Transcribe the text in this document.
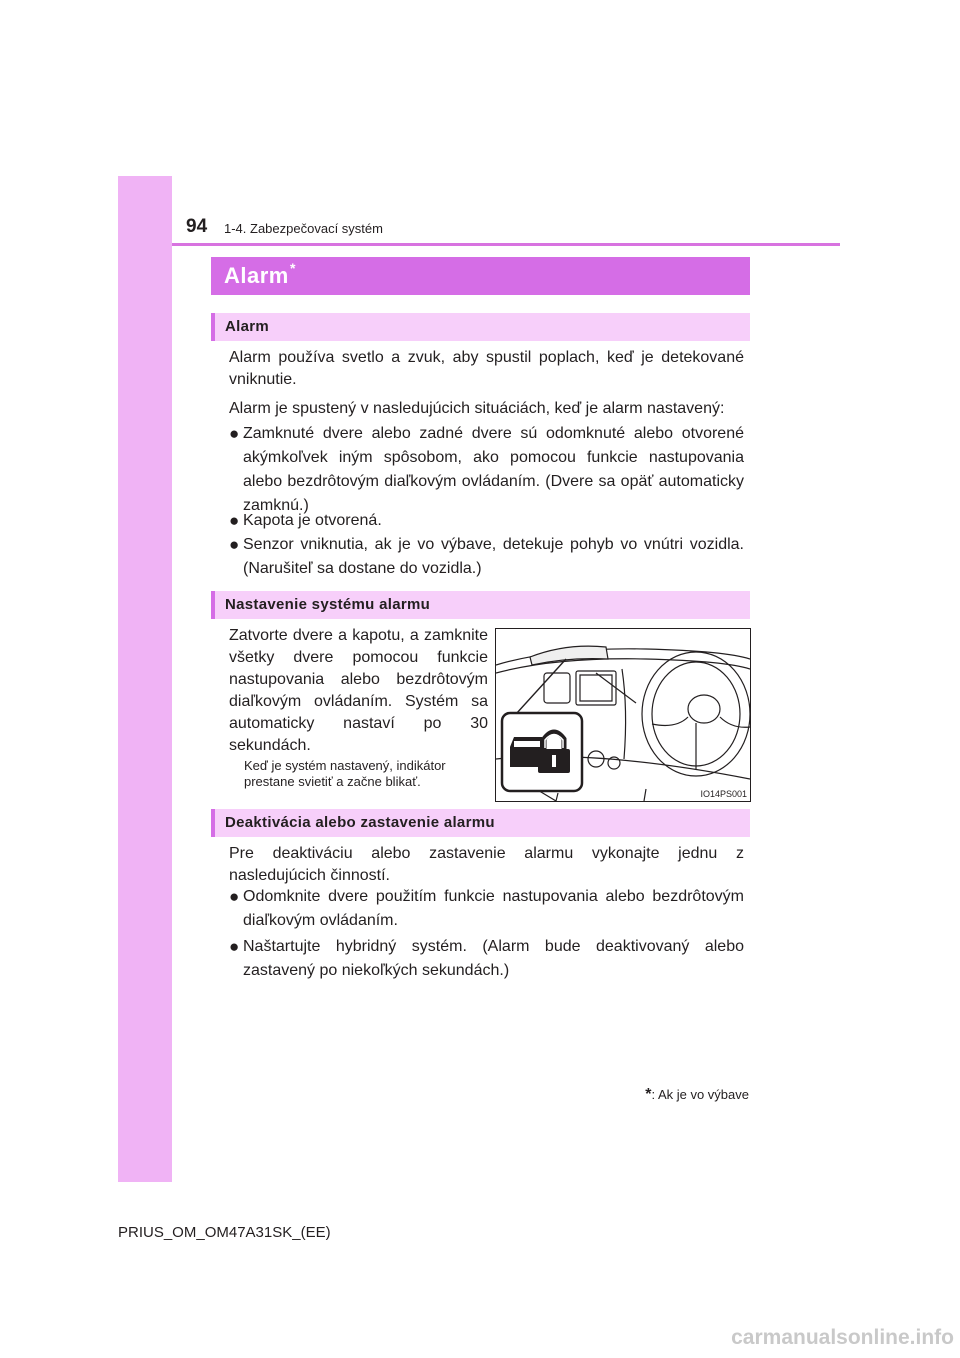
94 1-4. Zabezpečovací systém
Alarm *
Alarm
Alarm používa svetlo a zvuk, aby spustil poplach, keď je detekované vniknutie.
Alarm je spustený v nasledujúcich situáciách, keď je alarm nastavený:
● Zamknuté dvere alebo zadné dvere sú odomknuté alebo otvorené akýmkoľvek iným spôsobom, ako pomocou funkcie nastupovania alebo bezdrôtovým diaľkovým ovládaním. (Dvere sa opäť automaticky zamknú.)
● Kapota je otvorená.
● Senzor vniknutia, ak je vo výbave, detekuje pohyb vo vnútri vozidla. (Narušiteľ sa dostane do vozidla.)
Nastavenie systému alarmu
Zatvorte dvere a kapotu, a zamknite všetky dvere pomocou funkcie nastupovania alebo bezdrôtovým diaľkovým ovládaním. Systém sa automaticky nastaví po 30 sekundách.
Keď je systém nastavený, indikátor prestane svietiť a začne blikať.
IO14PS001
Deaktivácia alebo zastavenie alarmu
Pre deaktiváciu alebo zastavenie alarmu vykonajte jednu z nasledujúcich činností.
● Odomknite dvere použitím funkcie nastupovania alebo bezdrôtovým diaľkovým ovládaním.
● Naštartujte hybridný systém. (Alarm bude deaktivovaný alebo zastavený po niekoľkých sekundách.)
*: Ak je vo výbave
PRIUS_OM_OM47A31SK_(EE)
carmanualsonline.info
